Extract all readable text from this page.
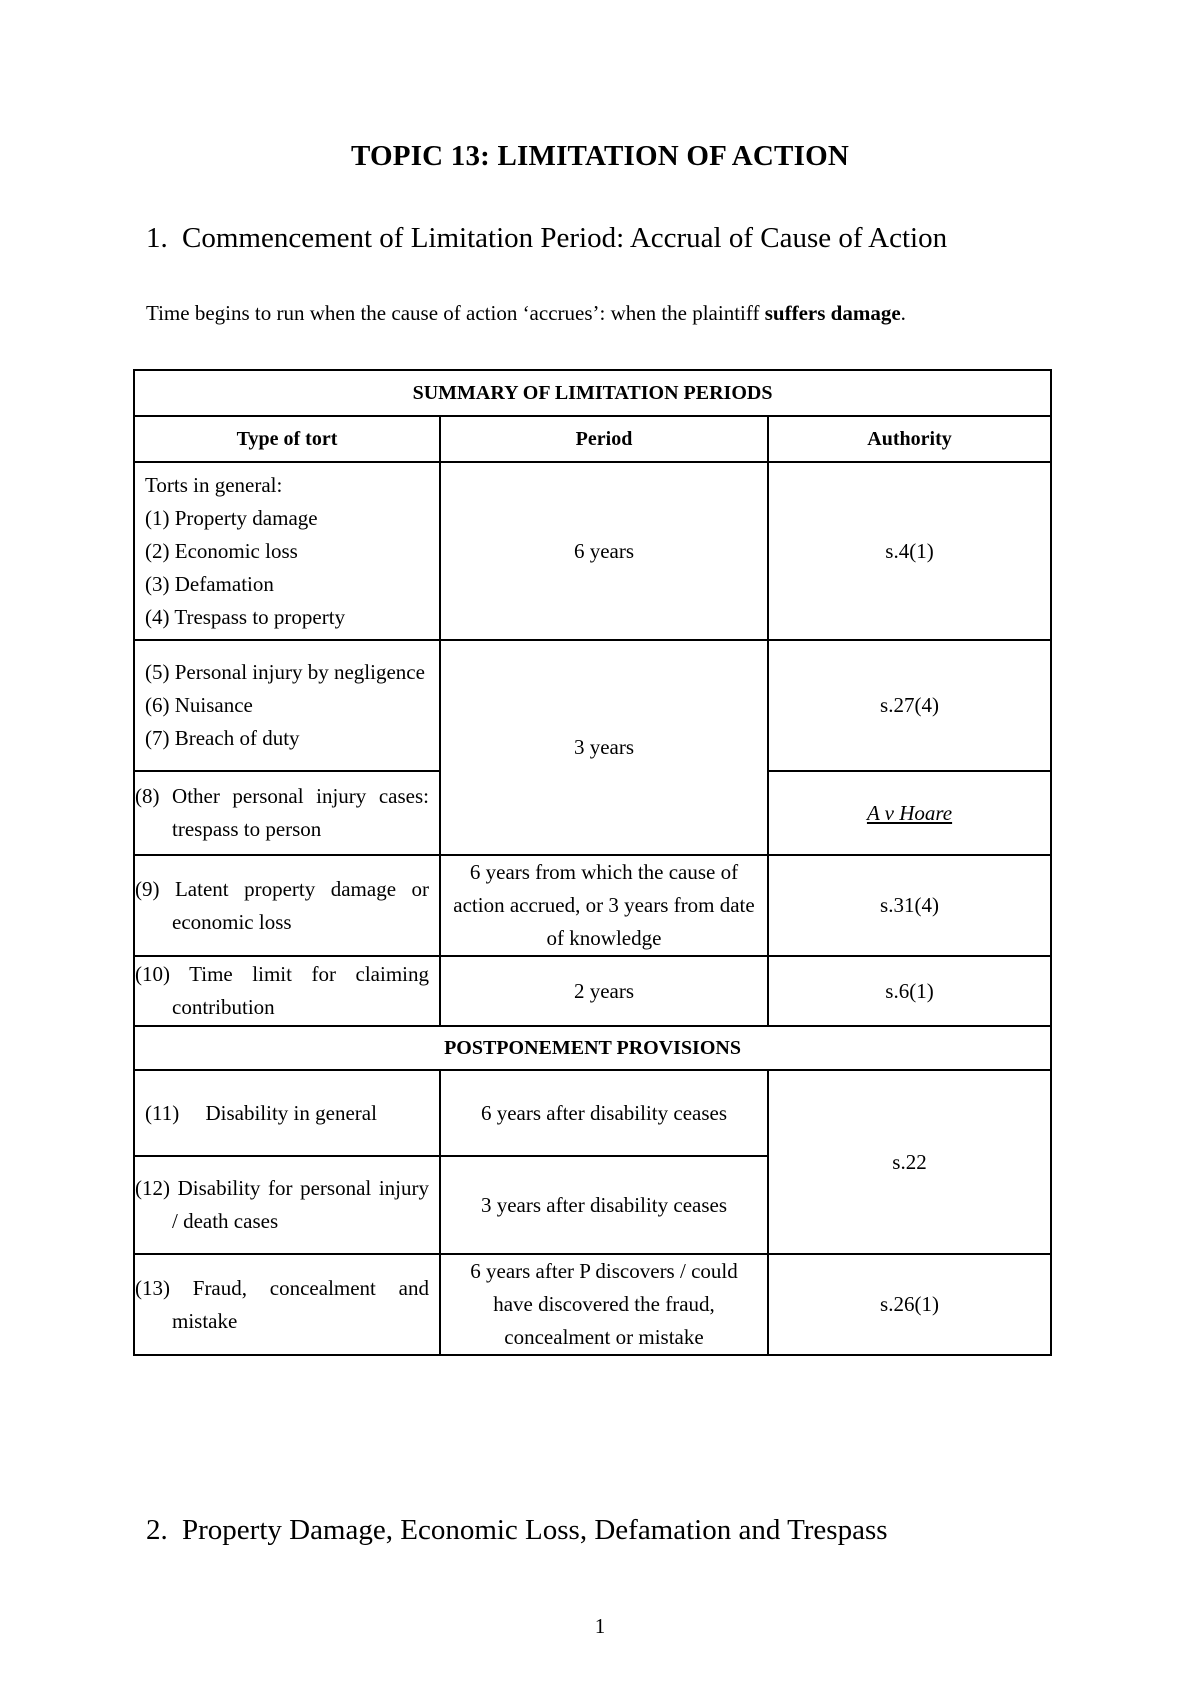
TOPIC 13: LIMITATION OF ACTION
1. Commencement of Limitation Period: Accrual of Cause of Action
Time begins to run when the cause of action ‘accrues’: when the plaintiff suffers damage.
SUMMARY OF LIMITATION PERIODS		
Type of tort	Period	Authority

Torts in general:
(1) Property damage
(2) Economic loss
(3) Defamation
(4) Trespass to property	6 years	s.4(1)

(5) Personal injury by negligence
(6) Nuisance
(7) Breach of duty	3 years	s.27(4)
(8) Other personal injury cases: trespass to person		A v Hoare
(9) Latent property damage or economic loss	6 years from which the cause of action accrued, or 3 years from date of knowledge	s.31(4)
(10) Time limit for claiming contribution	2 years	s.6(1)
POSTPONEMENT PROVISIONS		
(11)     Disability in general	6 years after disability ceases	s.22
(12) Disability for personal injury / death cases	3 years after disability ceases	
(13) Fraud, concealment and mistake	6 years after P discovers / could have discovered the fraud, concealment or mistake	s.26(1)
2. Property Damage, Economic Loss, Defamation and Trespass
1
